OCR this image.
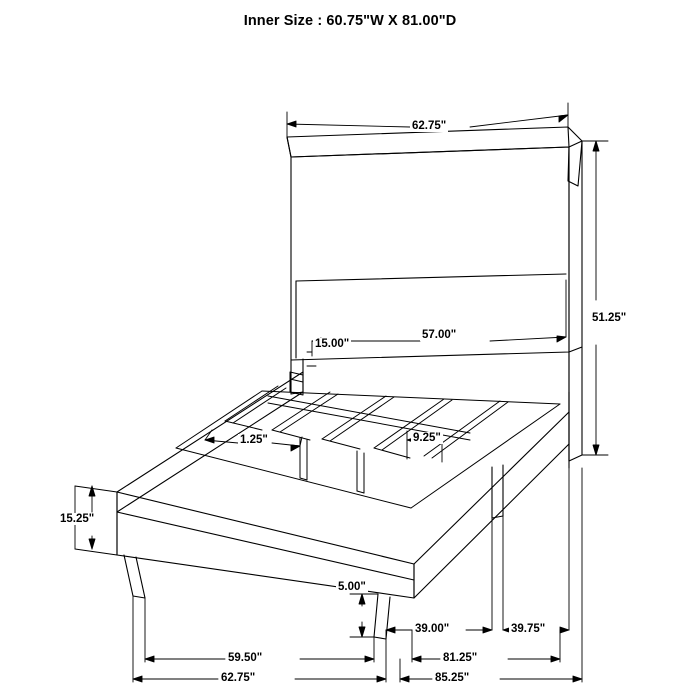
Inner Size : 60.75"W X 81.00"D
62.75"
51.25"
57.00"
15.00"
1.25"	9.25"
15.25"
5.00"
39.00"	39.75"
59.50"
62.75"
81.25"
85.25"
